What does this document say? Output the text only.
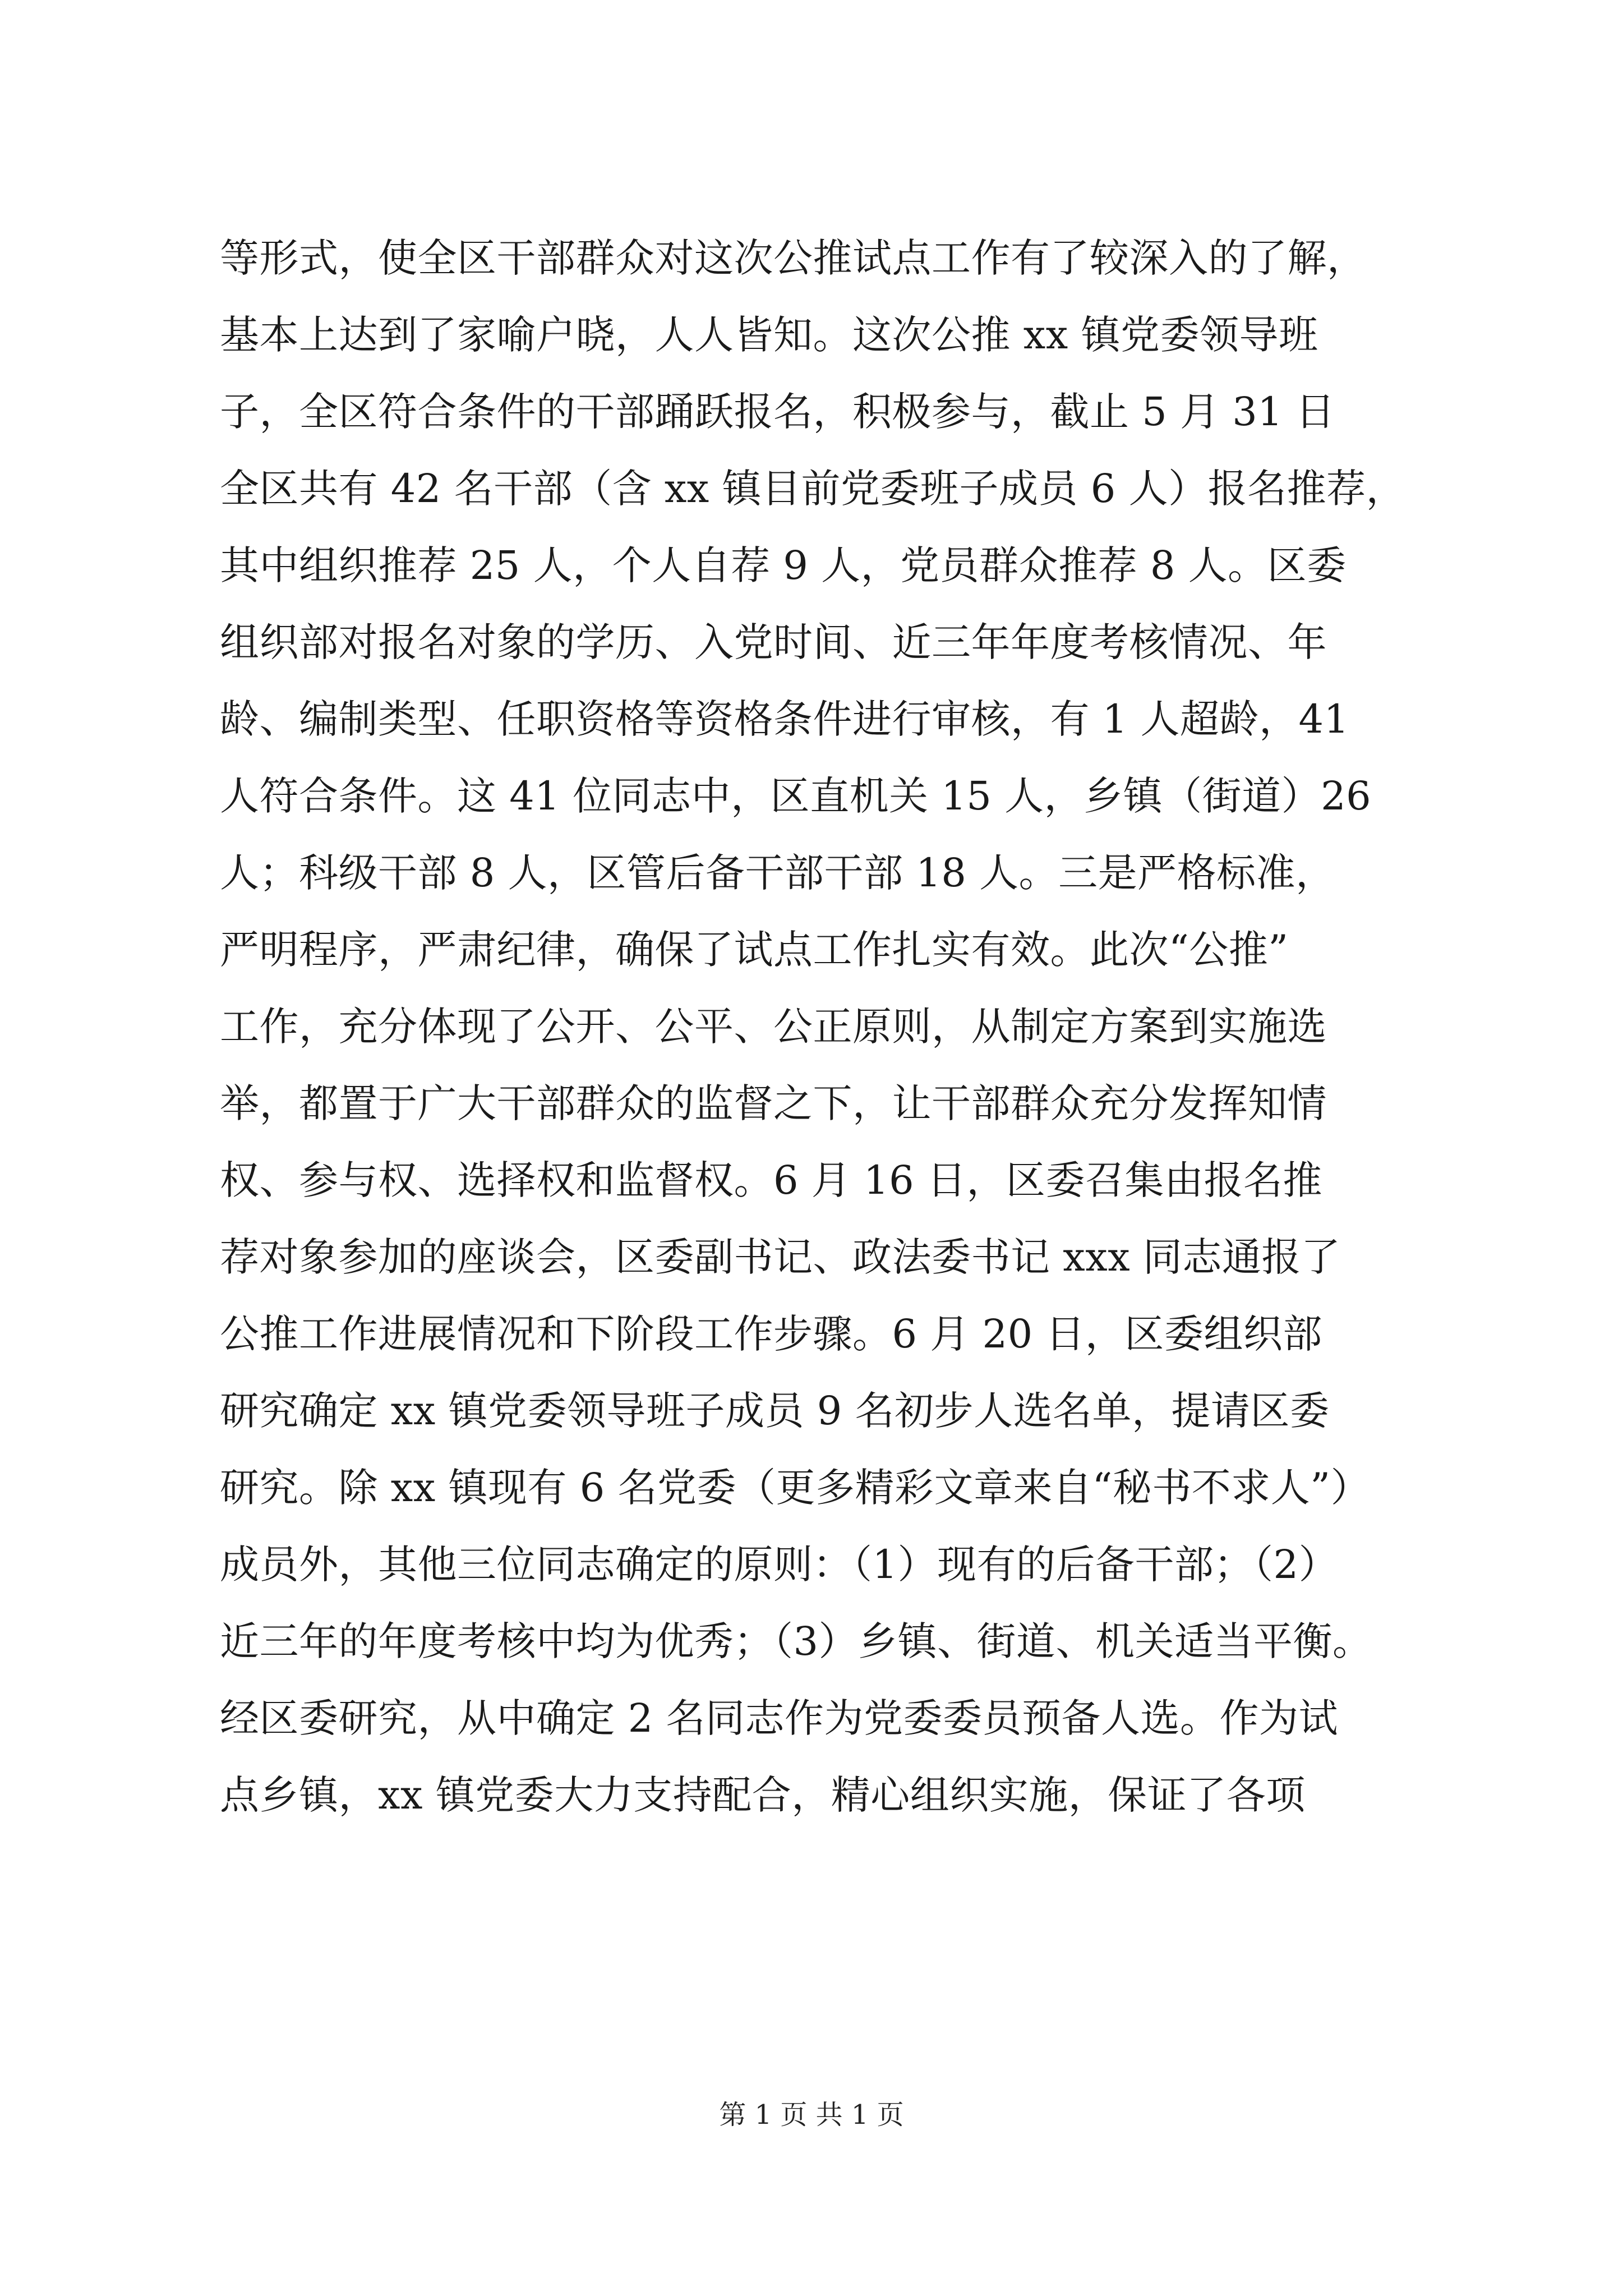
等形式，使全区干部群众对这次公推试点工作有了较深入的了解，
基本上达到了家喻户晓，人人皆知。这次公推 xx 镇党委领导班
子，全区符合条件的干部踊跃报名，积极参与，截止 5 月 31 日
全区共有 42 名干部（含 xx 镇目前党委班子成员 6 人）报名推荐，
其中组织推荐 25 人，个人自荐 9 人，党员群众推荐 8 人。区委
组织部对报名对象的学历、入党时间、近三年年度考核情况、年
龄、编制类型、任职资格等资格条件进行审核，有 1 人超龄，41
人符合条件。这 41 位同志中，区直机关 15 人，乡镇（街道）26
人；科级干部 8 人，区管后备干部干部 18 人。三是严格标准，
严明程序，严肃纪律，确保了试点工作扎实有效。此次“公推”
工作，充分体现了公开、公平、公正原则，从制定方案到实施选
举，都置于广大干部群众的监督之下，让干部群众充分发挥知情
权、参与权、选择权和监督权。6 月 16 日，区委召集由报名推
荐对象参加的座谈会，区委副书记、政法委书记 xxx 同志通报了
公推工作进展情况和下阶段工作步骤。6 月 20 日，区委组织部
研究确定 xx 镇党委领导班子成员 9 名初步人选名单，提请区委
研究。除 xx 镇现有 6 名党委（更多精彩文章来自“秘书不求人”）
成员外，其他三位同志确定的原则：（1）现有的后备干部；（2）
近三年的年度考核中均为优秀；（3）乡镇、街道、机关适当平衡。
经区委研究，从中确定 2 名同志作为党委委员预备人选。作为试
点乡镇，xx 镇党委大力支持配合，精心组织实施，保证了各项
第 1 页 共 1 页
